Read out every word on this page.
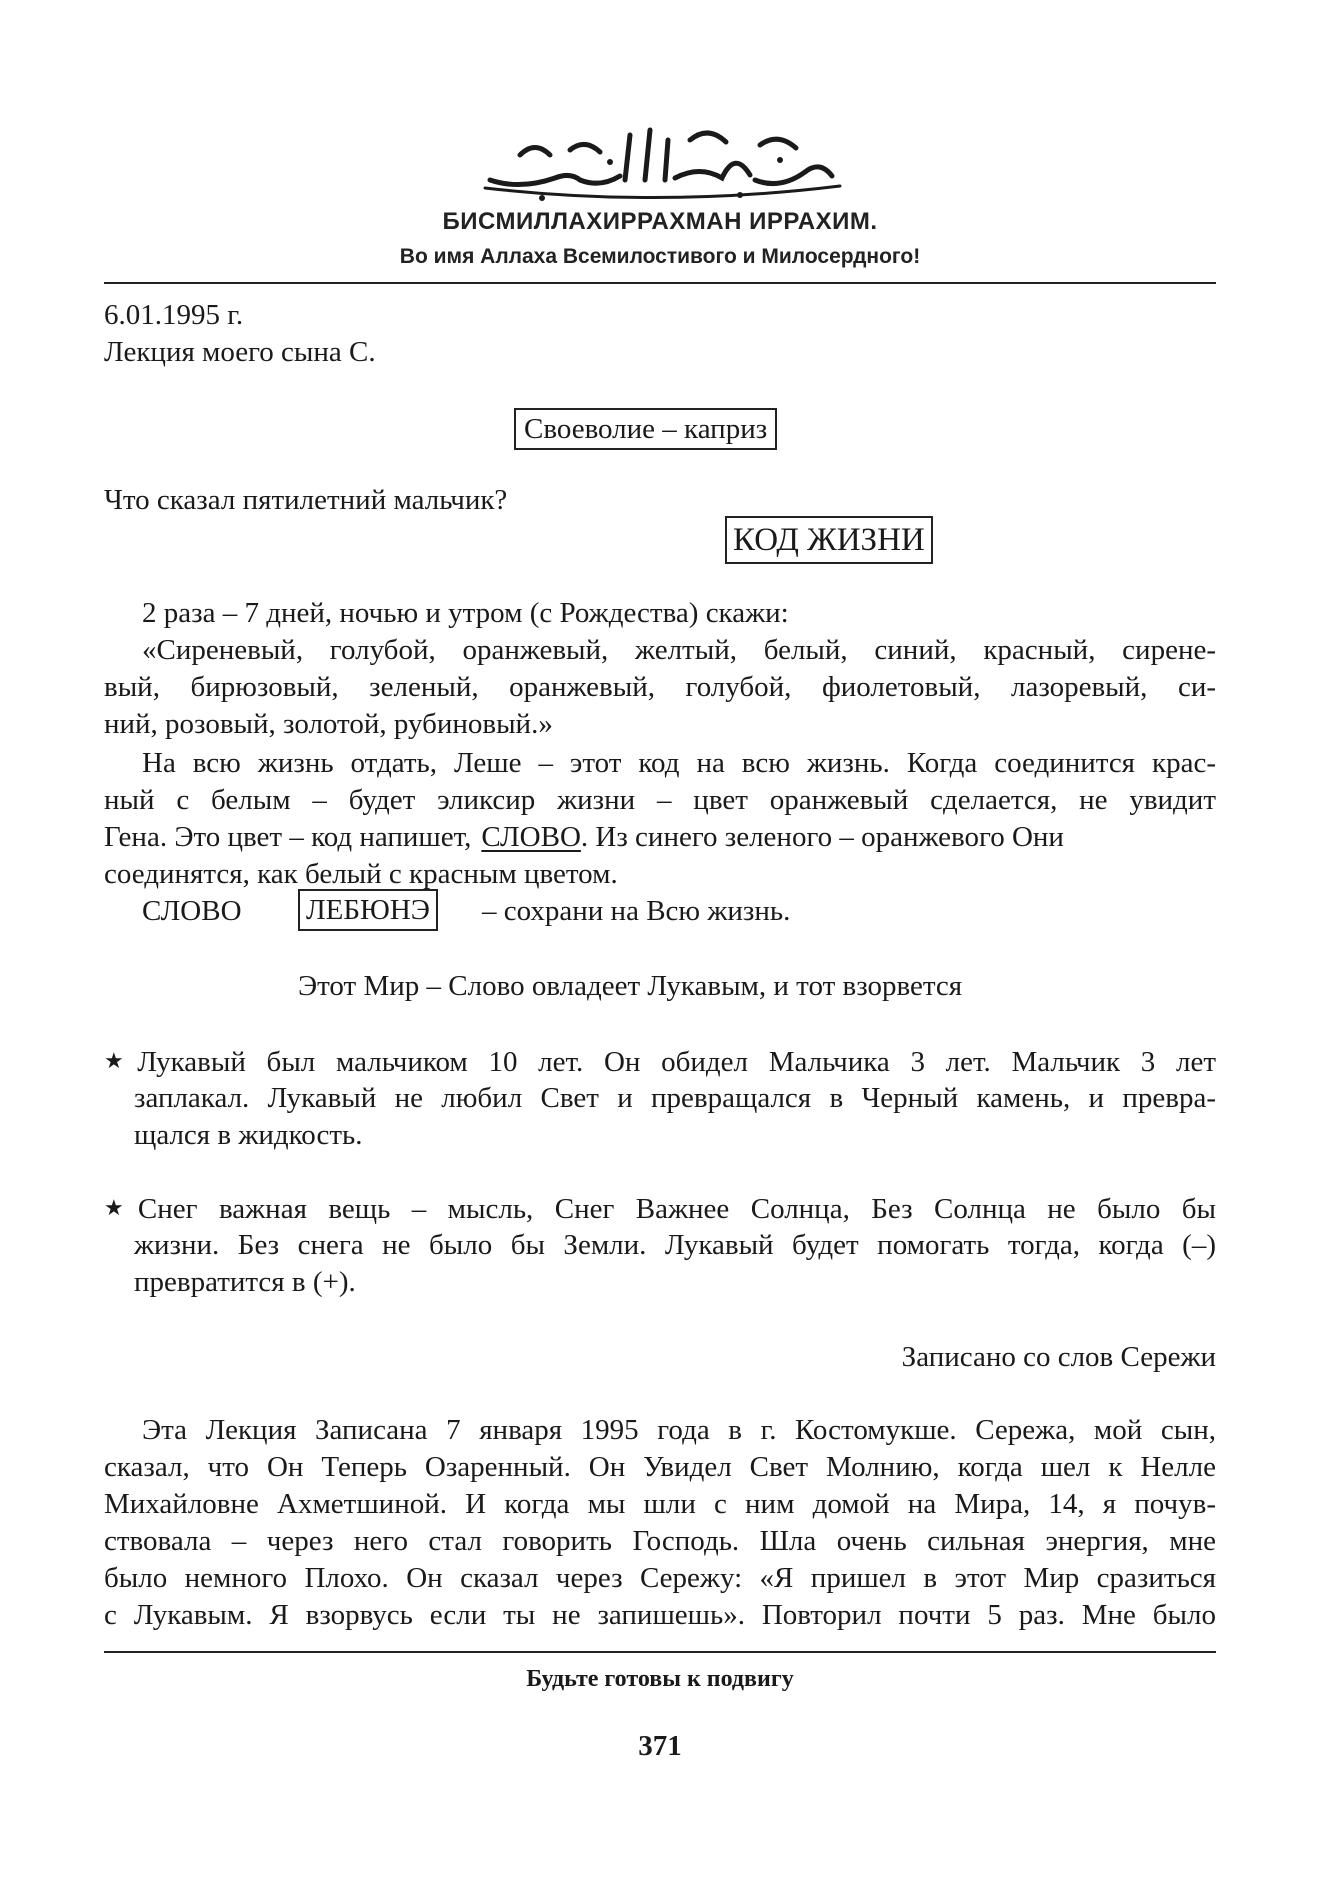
БИСМИЛЛАХИРРАХМАН ИРРАХИМ.
Во имя Аллаха Всемилостивого и Милосердного!
6.01.1995 г.
Лекция моего сына С.
Своеволие – каприз
Что сказал пятилетний мальчик?
КОД ЖИЗНИ
2 раза – 7 дней, ночью и утром (с Рождества) скажи:
«Сиреневый, голубой, оранжевый, желтый, белый, синий, красный, сирене-
вый, бирюзовый, зеленый, оранжевый, голубой, фиолетовый, лазоревый, си-
ний, розовый, золотой, рубиновый.»
На всю жизнь отдать, Леше – этот код на всю жизнь. Когда соединится крас-
ный с белым – будет эликсир жизни – цвет оранжевый сделается, не увидит
Гена. Это цвет – код напишет, СЛОВО . Из синего зеленого – оранжевого Они
соединятся, как белый с красным цветом.
СЛОВО ЛЕБЮНЭ – сохрани на Всю жизнь.
Этот Мир – Слово овладеет Лукавым, и тот взорвется
★Лукавый был мальчиком 10 лет. Он обидел Мальчика 3 лет. Мальчик 3 лет
заплакал. Лукавый не любил Свет и превращался в Черный камень, и превра-
щался в жидкость.
★Снег важная вещь – мысль, Снег Важнее Солнца, Без Солнца не было бы
жизни. Без снега не было бы Земли. Лукавый будет помогать тогда, когда (–)
превратится в (+).
Записано со слов Сережи
Эта Лекция Записана 7 января 1995 года в г. Костомукше. Сережа, мой сын,
сказал, что Он Теперь Озаренный. Он Увидел Свет Молнию, когда шел к Нелле
Михайловне Ахметшиной. И когда мы шли с ним домой на Мира, 14, я почув-
ствовала – через него стал говорить Господь. Шла очень сильная энергия, мне
было немного Плохо. Он сказал через Сережу: «Я пришел в этот Мир сразиться
с Лукавым. Я взорвусь если ты не запишешь». Повторил почти 5 раз. Мне было
Будьте готовы к подвигу
371
